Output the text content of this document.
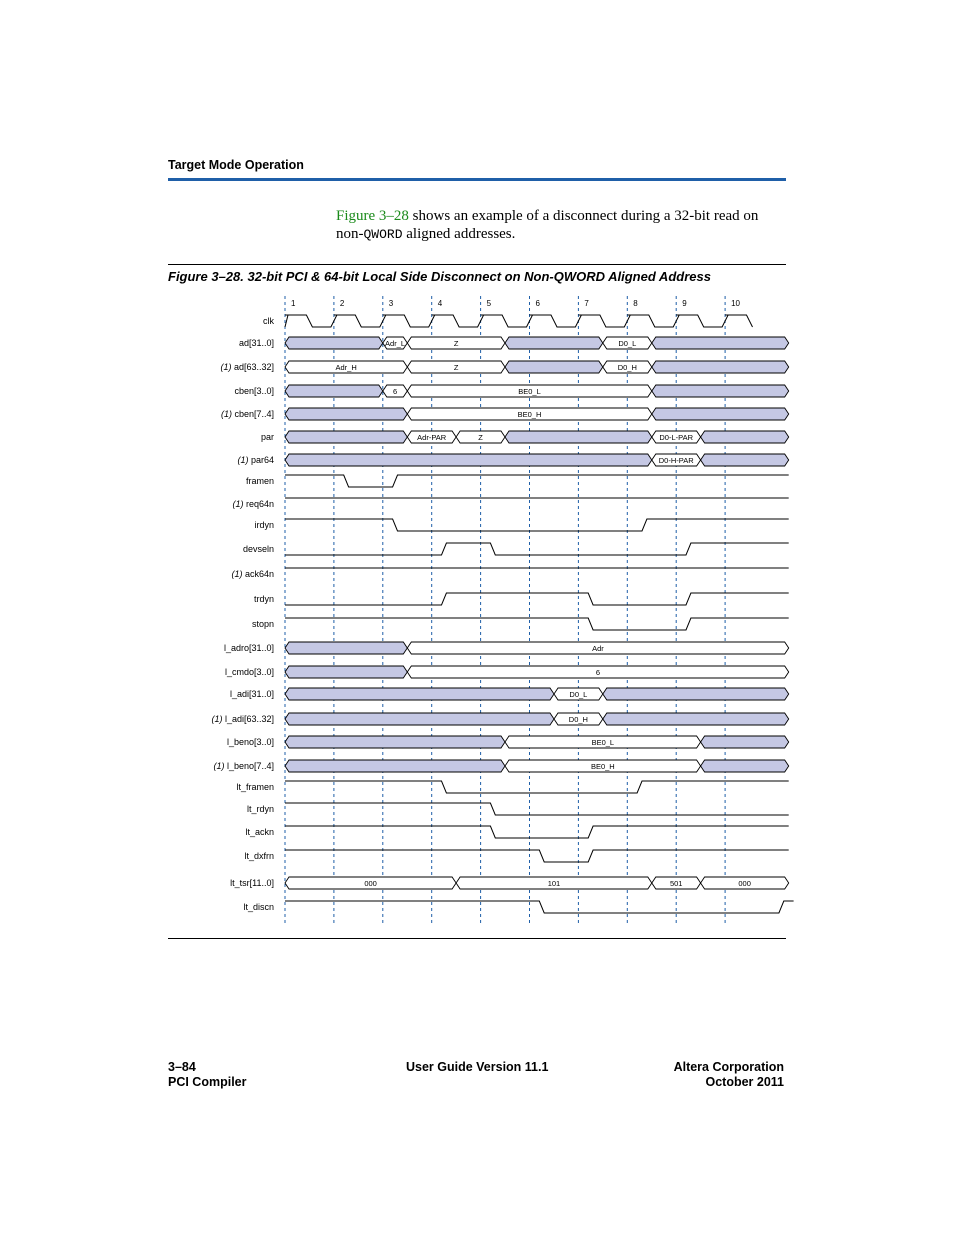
Target Mode Operation
Figure 3–28 shows an example of a disconnect during a 32-bit read on non-QWORD aligned addresses.
Figure 3–28. 32-bit PCI & 64-bit Local Side Disconnect on Non-QWORD Aligned Address
1	2	3	4	5	6	7	8	9	10
clk
ad[31..0]	Adr_L	Z	D0_L
(1) ad[63..32]	Adr_H	Z	D0_H
cben[3..0]	6	BE0_L
(1) cben[7..4]	BE0_H
par	Adr-PAR	Z	D0-L-PAR
(1) par64	D0-H-PAR
framen
(1) req64n
irdyn
devseln
(1) ack64n
trdyn
stopn
l_adro[31..0]	Adr
l_cmdo[3..0]	6
l_adi[31..0]	D0_L
(1) l_adi[63..32]	D0_H
l_beno[3..0]	BE0_L
(1) l_beno[7..4]	BE0_H
lt_framen
lt_rdyn
lt_ackn
lt_dxfrn
lt_tsr[11..0]	000	101	501	000
lt_discn
3–84
PCI Compiler
User Guide Version 11.1	Altera Corporation
October 2011
